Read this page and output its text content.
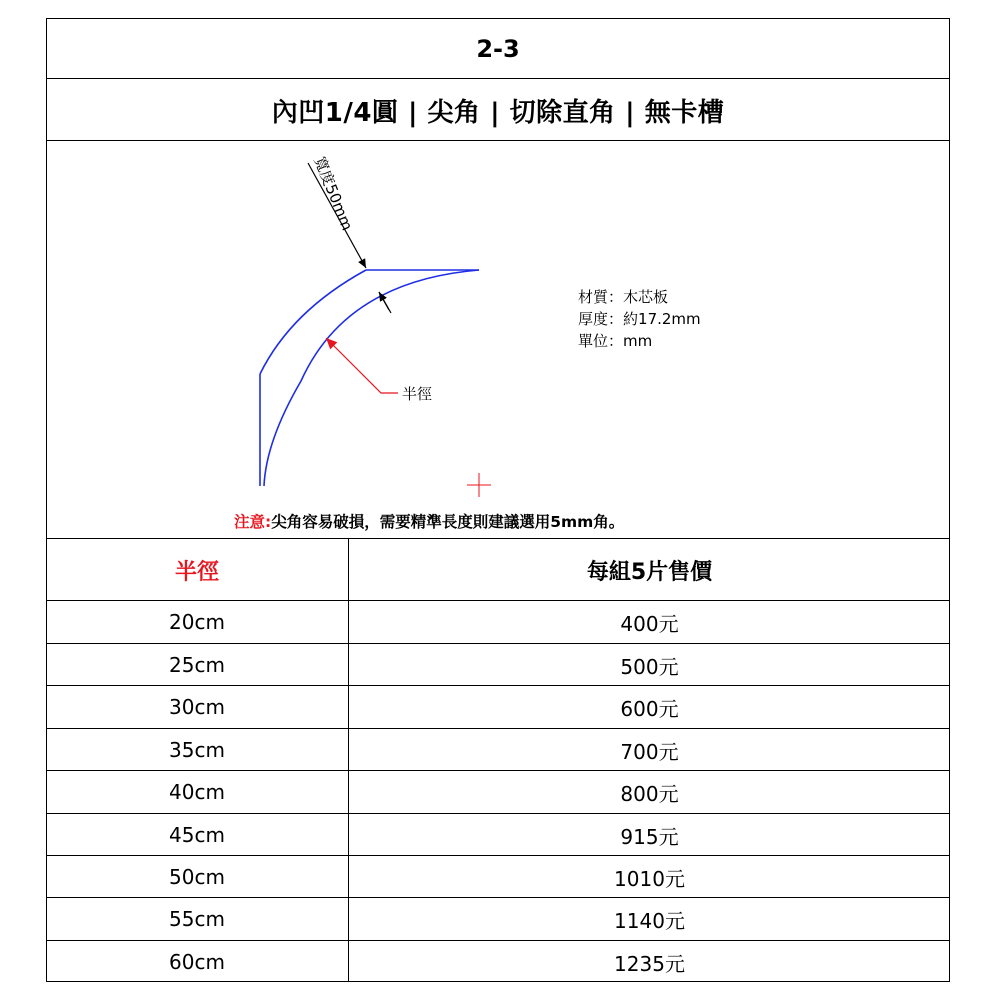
2-3
內凹1/4圓 | 尖角 | 切除直角 | 無卡槽
寬度50mm
半徑
材質：木芯板
厚度：約17.2mm
單位：mm
注意:尖角容易破損，需要精準長度則建議選用5mm角。
半徑	每組5片售價
20cm	400元
25cm	500元
30cm	600元
35cm	700元
40cm	800元
45cm	915元
50cm	1010元
55cm	1140元
60cm	1235元
